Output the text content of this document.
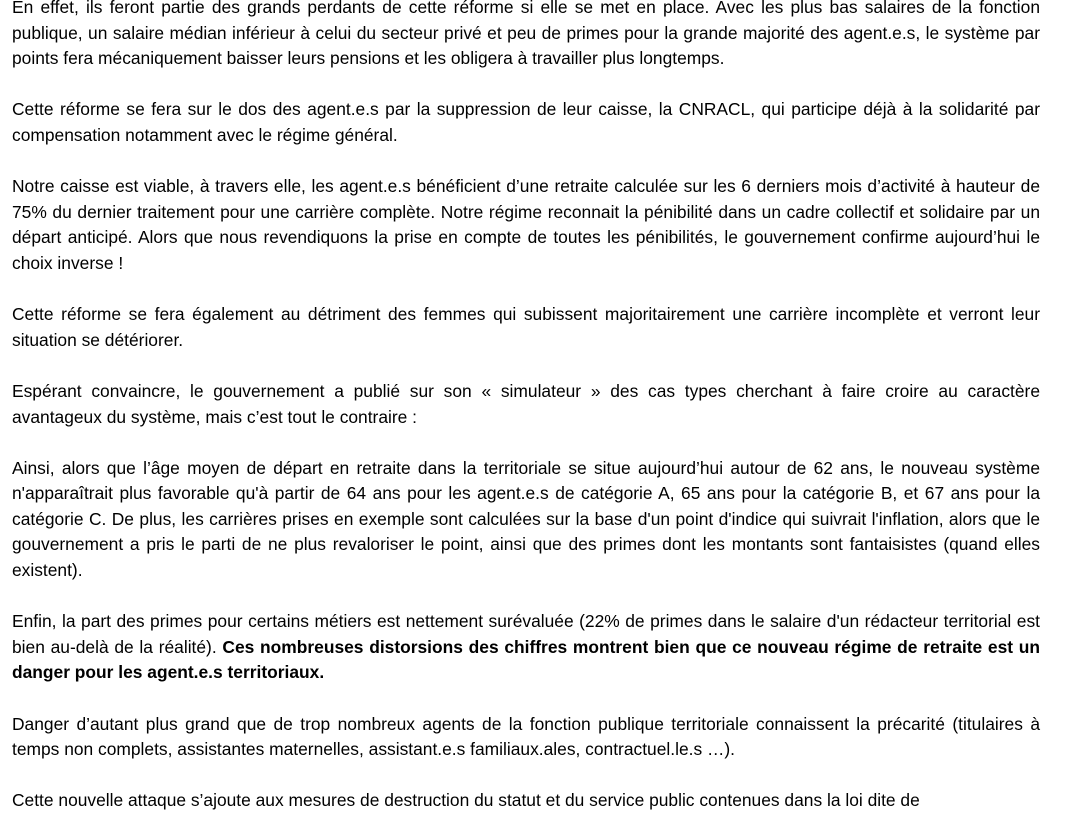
En effet, ils feront partie des grands perdants de cette réforme si elle se met en place. Avec les plus bas salaires de la fonction publique, un salaire médian inférieur à celui du secteur privé et peu de primes pour la grande majorité des agent.e.s, le système par points fera mécaniquement baisser leurs pensions et les obligera à travailler plus longtemps.

Cette réforme se fera sur le dos des agent.e.s par la suppression de leur caisse, la CNRACL, qui participe déjà à la solidarité par compensation notamment avec le régime général.

Notre caisse est viable, à travers elle, les agent.e.s bénéficient d’une retraite calculée sur les 6 derniers mois d’activité à hauteur de 75% du dernier traitement pour une carrière complète. Notre régime reconnait la pénibilité dans un cadre collectif et solidaire par un départ anticipé. Alors que nous revendiquons la prise en compte de toutes les pénibilités, le gouvernement confirme aujourd’hui le choix inverse !

Cette réforme se fera également au détriment des femmes qui subissent majoritairement une carrière incomplète et verront leur situation se détériorer.

Espérant convaincre, le gouvernement a publié sur son « simulateur » des cas types cherchant à faire croire au caractère avantageux du système, mais c’est tout le contraire :

Ainsi, alors que l’âge moyen de départ en retraite dans la territoriale se situe aujourd’hui autour de 62 ans, le nouveau système n'apparaîtrait plus favorable qu'à partir de 64 ans pour les agent.e.s de catégorie A, 65 ans pour la catégorie B, et 67 ans pour la catégorie C. De plus, les carrières prises en exemple sont calculées sur la base d'un point d'indice qui suivrait l'inflation, alors que le gouvernement a pris le parti de ne plus revaloriser le point, ainsi que des primes dont les montants sont fantaisistes (quand elles existent).

Enfin, la part des primes pour certains métiers est nettement surévaluée (22% de primes dans le salaire d'un rédacteur territorial est bien au-delà de la réalité). Ces nombreuses distorsions des chiffres montrent bien que ce nouveau régime de retraite est un danger pour les agent.e.s territoriaux.

Danger d’autant plus grand que de trop nombreux agents de la fonction publique territoriale connaissent la précarité (titulaires à temps non complets, assistantes maternelles, assistant.e.s familiaux.ales, contractuel.le.s …).

Cette nouvelle attaque s’ajoute aux mesures de destruction du statut et du service public contenues dans la loi dite de
